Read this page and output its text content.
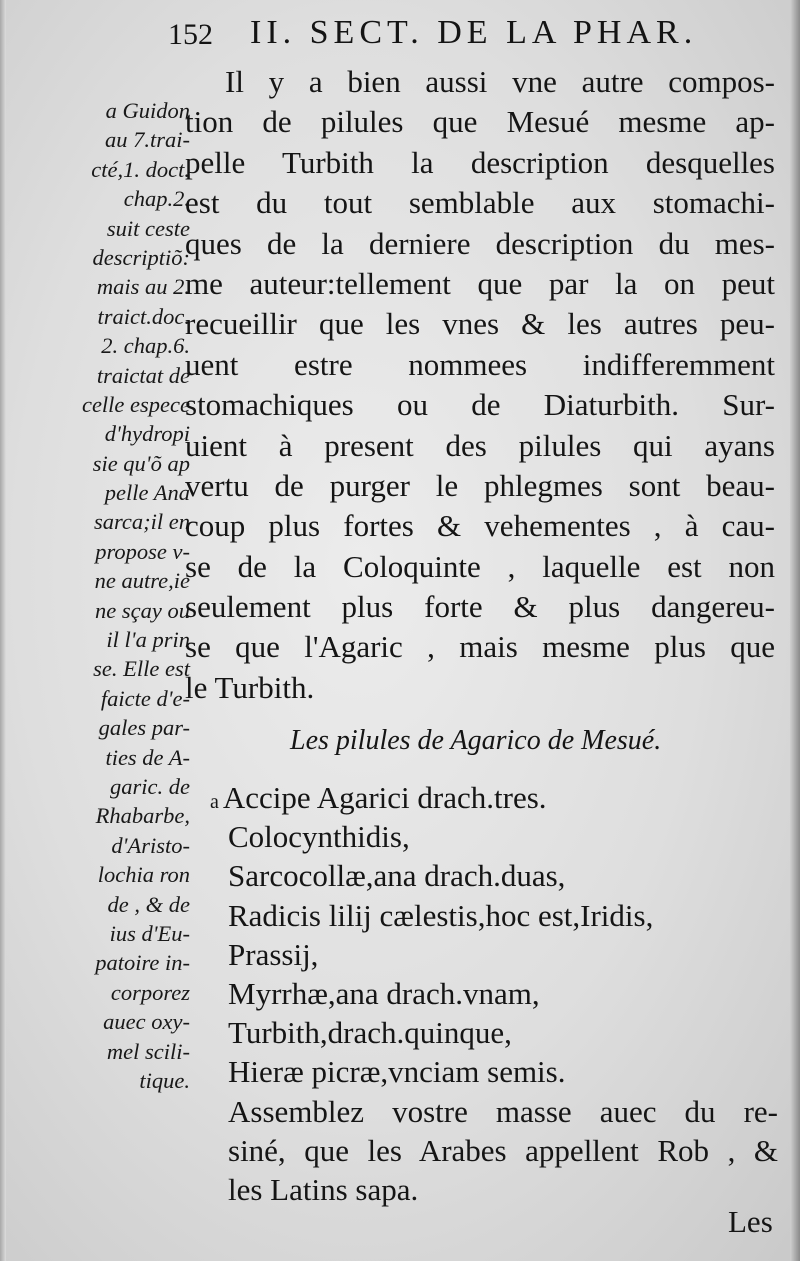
152 II. SECT. DE LA PHAR.
a Guidon
au 7.trai-
cté,1. doct.
chap.2.
suit ceste
descriptiõ:
mais au 2.
traict.doc.
2. chap.6.
traictat de
celle espece
d'hydropi
sie qu'õ ap
pelle Ana
sarca;il en
propose v-
ne autre,ie
ne sçay ou
il l'a prin
se. Elle est
faicte d'e-
gales par-
ties de A-
garic. de
Rhabarbe,
d'Aristo-
lochia ron
de , & de
ius d'Eu-
patoire in-
corporez
auec oxy-
mel scili-
tique.
Il y a bien aussi vne autre compos-
tion de pilules que Mesué mesme ap-
pelle Turbith la description desquelles
est du tout semblable aux stomachi-
ques de la derniere description du mes-
me auteur:tellement que par la on peut
recueillir que les vnes & les autres peu-
uent estre nommees indifferemment
stomachiques ou de Diaturbith. Sur-
uient à present des pilules qui ayans
vertu de purger le phlegmes sont beau-
coup plus fortes & vehementes , à cau-
se de la Coloquinte , laquelle est non
seulement plus forte & plus dangereu-
se que l'Agaric , mais mesme plus que
le Turbith.
Les pilules de Agarico de Mesué.
a Accipe Agarici drach.tres.
Colocynthidis,
Sarcocollæ,ana drach.duas,
Radicis lilij cælestis,hoc est,Iridis,
Prassij,
Myrrhæ,ana drach.vnam,
Turbith,drach.quinque,
Hieræ picræ,vnciam semis.
Assemblez vostre masse auec du re-
siné, que les Arabes appellent Rob , &
les Latins sapa.
Les
